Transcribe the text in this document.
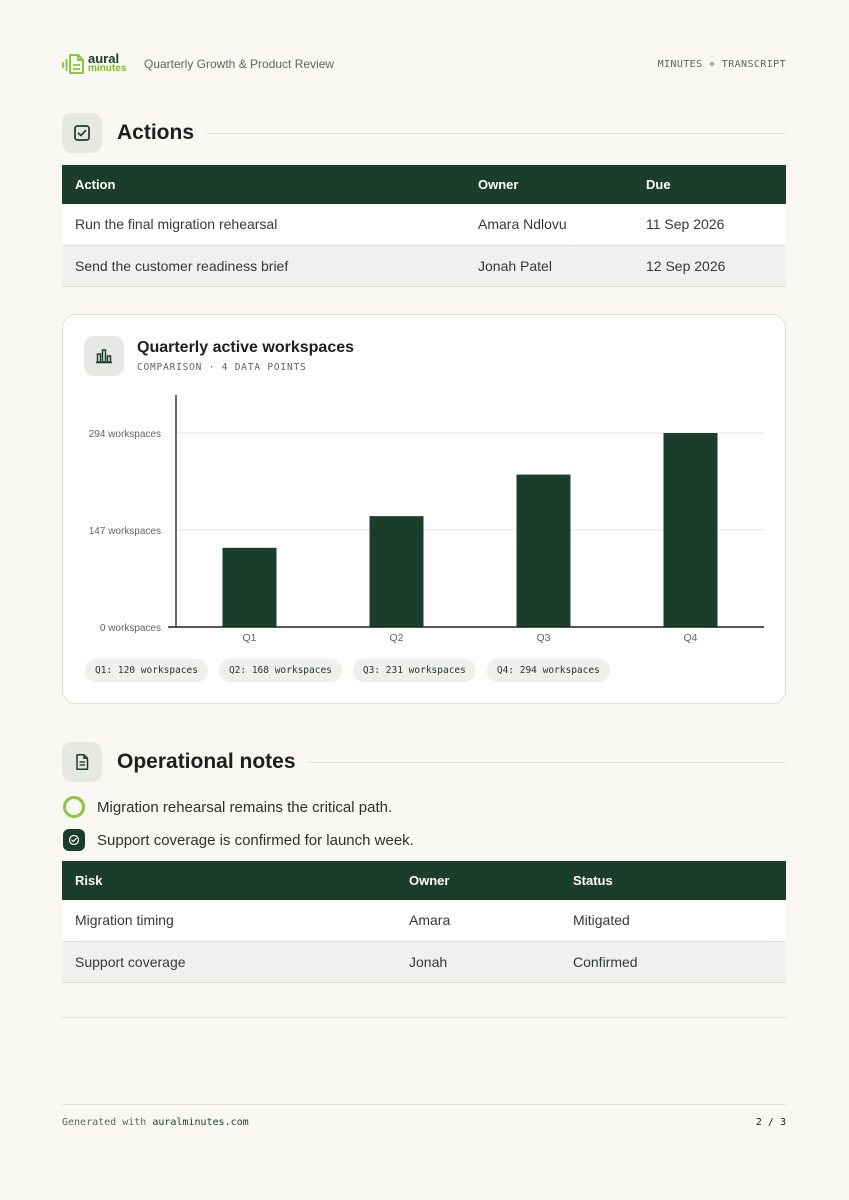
aural
minutes Quarterly Growth & Product Review	MINUTES + TRANSCRIPT
Actions
Action	Owner	Due
Run the final migration rehearsal	Amara Ndlovu	11 Sep 2026
Send the customer readiness brief	Jonah Patel	12 Sep 2026
0 workspaces
147 workspaces
294 workspaces
Q1	Q2	Q3	Q4
Quarterly active workspaces
COMPARISON · 4 DATA POINTS
Q1: 120 workspaces	Q2: 168 workspaces	Q3: 231 workspaces	Q4: 294 workspaces
Operational notes
Migration rehearsal remains the critical path.
Support coverage is confirmed for launch week.
Risk	Owner	Status
Migration timing	Amara	Mitigated
Support coverage	Jonah	Confirmed
Generated with auralminutes.com	2 / 3
